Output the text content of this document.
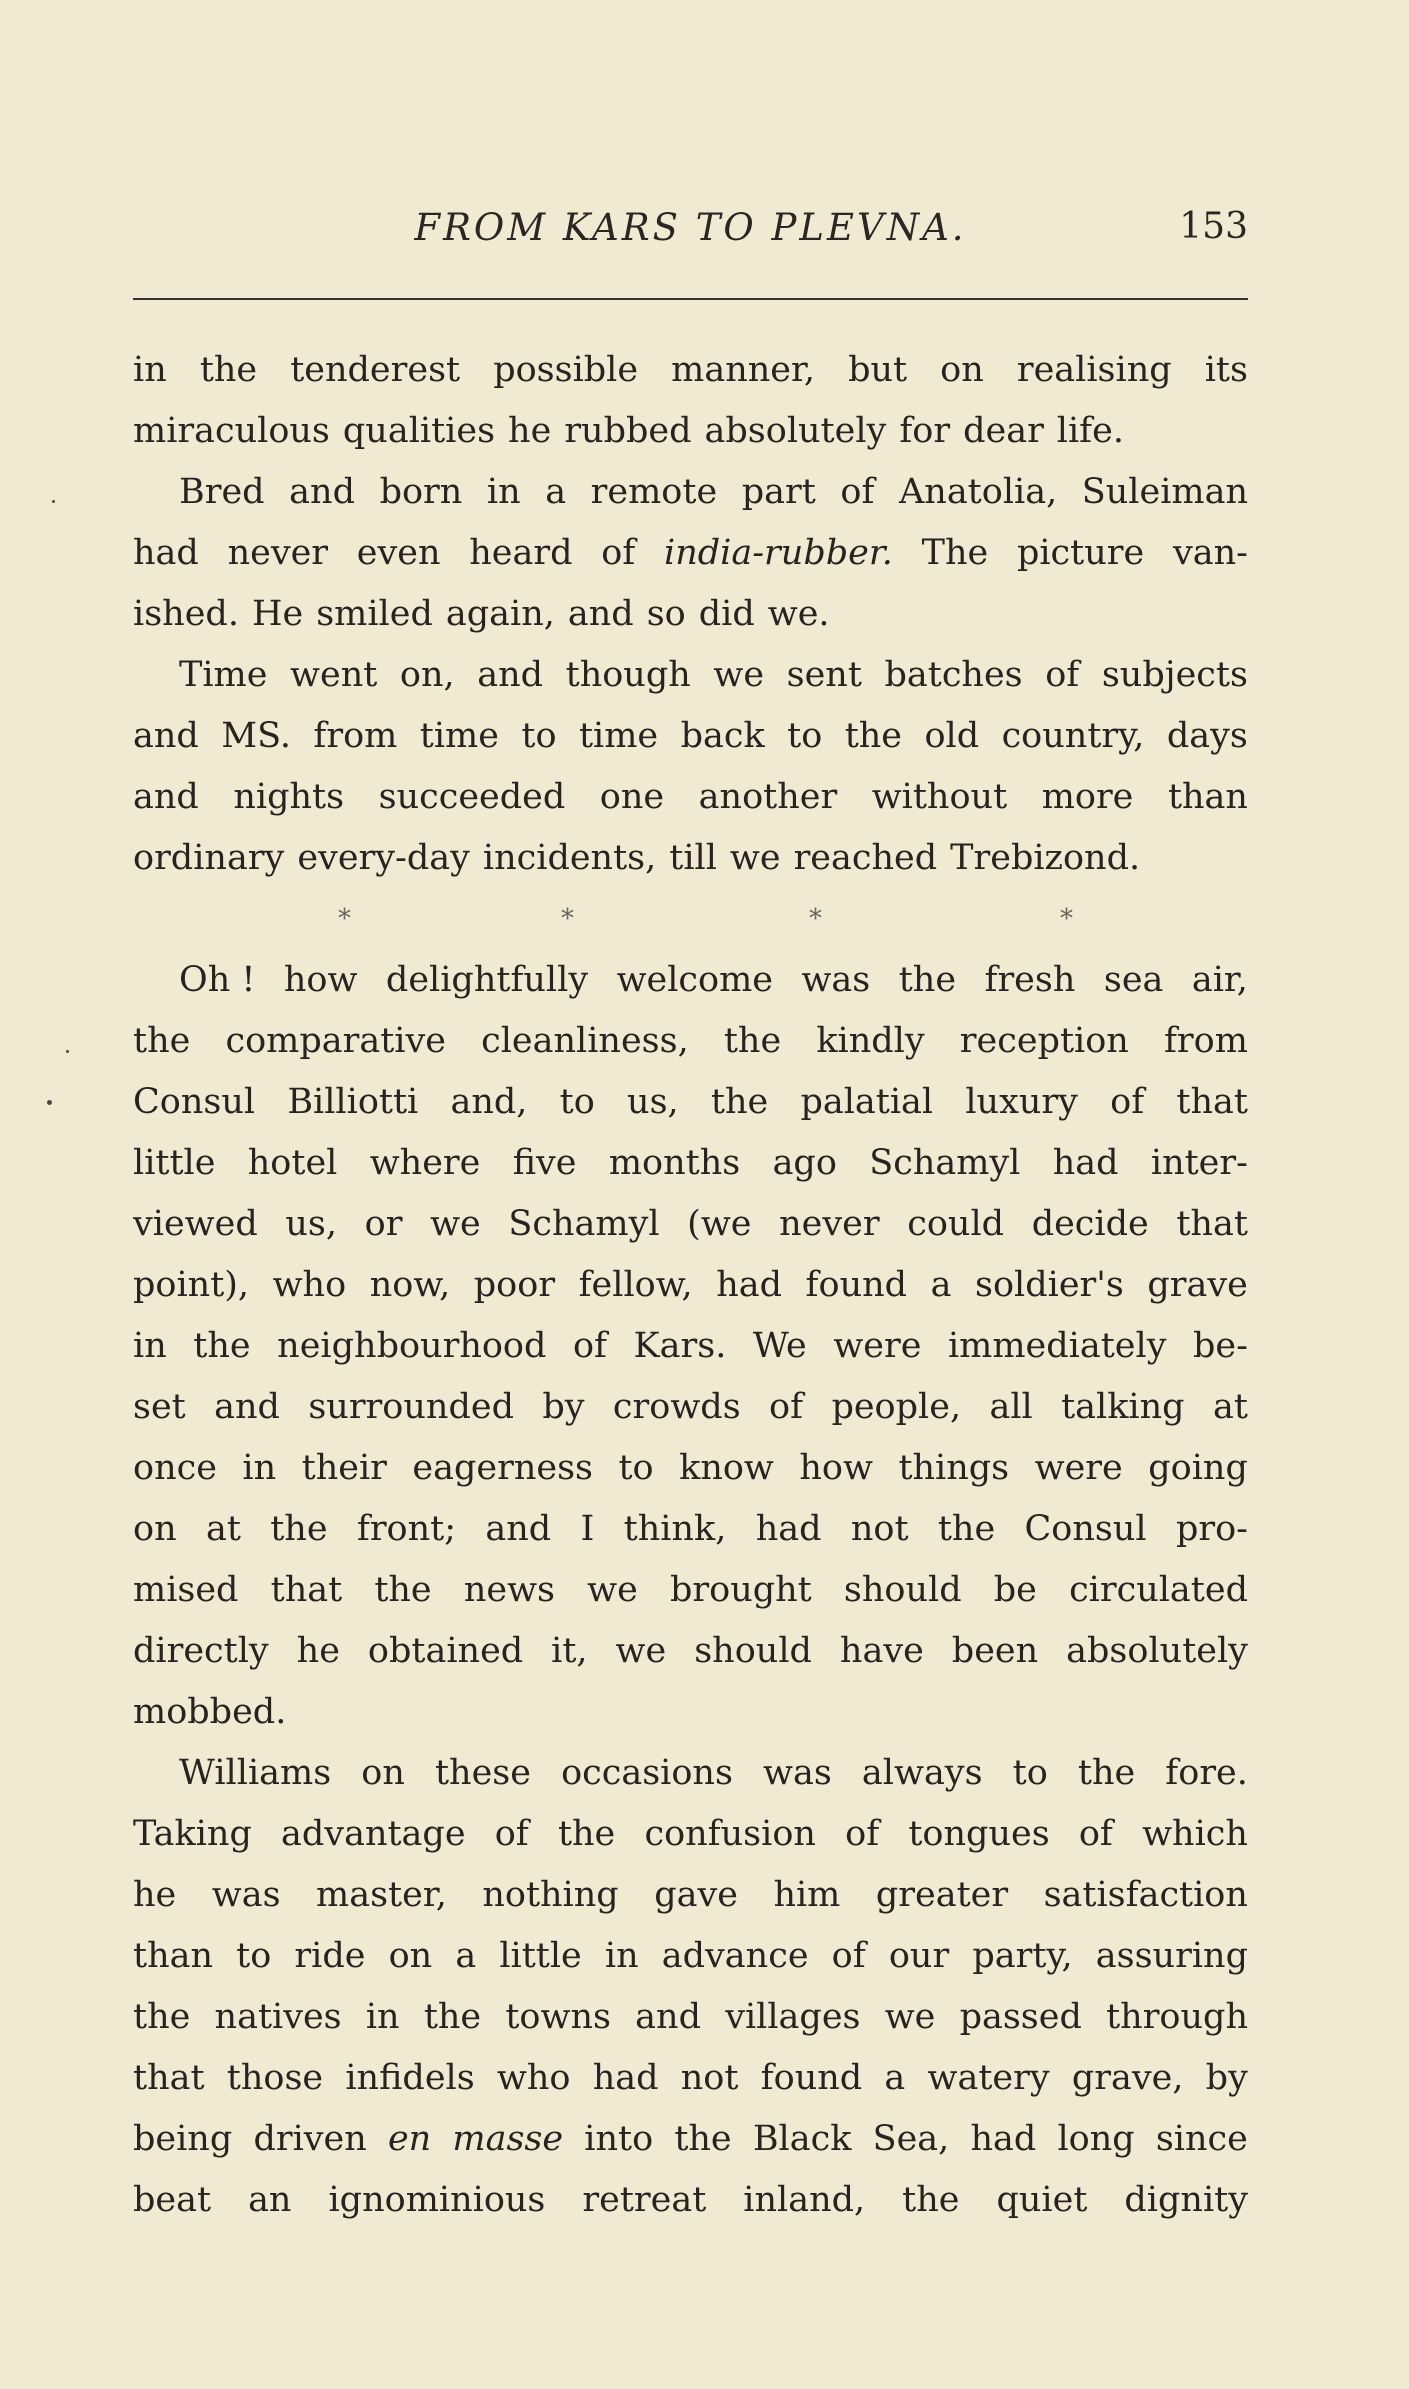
FROM KARS TO PLEVNA.	153
in the tenderest possible manner, but on realising its
miraculous qualities he rubbed absolutely for dear life.
Bred and born in a remote part of Anatolia, Suleiman
had never even heard of india-rubber. The picture van-
ished. He smiled again, and so did we.
Time went on, and though we sent batches of subjects
and MS. from time to time back to the old country, days
and nights succeeded one another without more than
ordinary every-day incidents, till we reached Trebizond.
*	*	*	*
Oh ! how delightfully welcome was the fresh sea air,
the comparative cleanliness, the kindly reception from
Consul Billiotti and, to us, the palatial luxury of that
little hotel where five months ago Schamyl had inter-
viewed us, or we Schamyl (we never could decide that
point), who now, poor fellow, had found a soldier's grave
in the neighbourhood of Kars. We were immediately be-
set and surrounded by crowds of people, all talking at
once in their eagerness to know how things were going
on at the front; and I think, had not the Consul pro-
mised that the news we brought should be circulated
directly he obtained it, we should have been absolutely
mobbed.
Williams on these occasions was always to the fore.
Taking advantage of the confusion of tongues of which
he was master, nothing gave him greater satisfaction
than to ride on a little in advance of our party, assuring
the natives in the towns and villages we passed through
that those infidels who had not found a watery grave, by
being driven en masse into the Black Sea, had long since
beat an ignominious retreat inland, the quiet dignity
